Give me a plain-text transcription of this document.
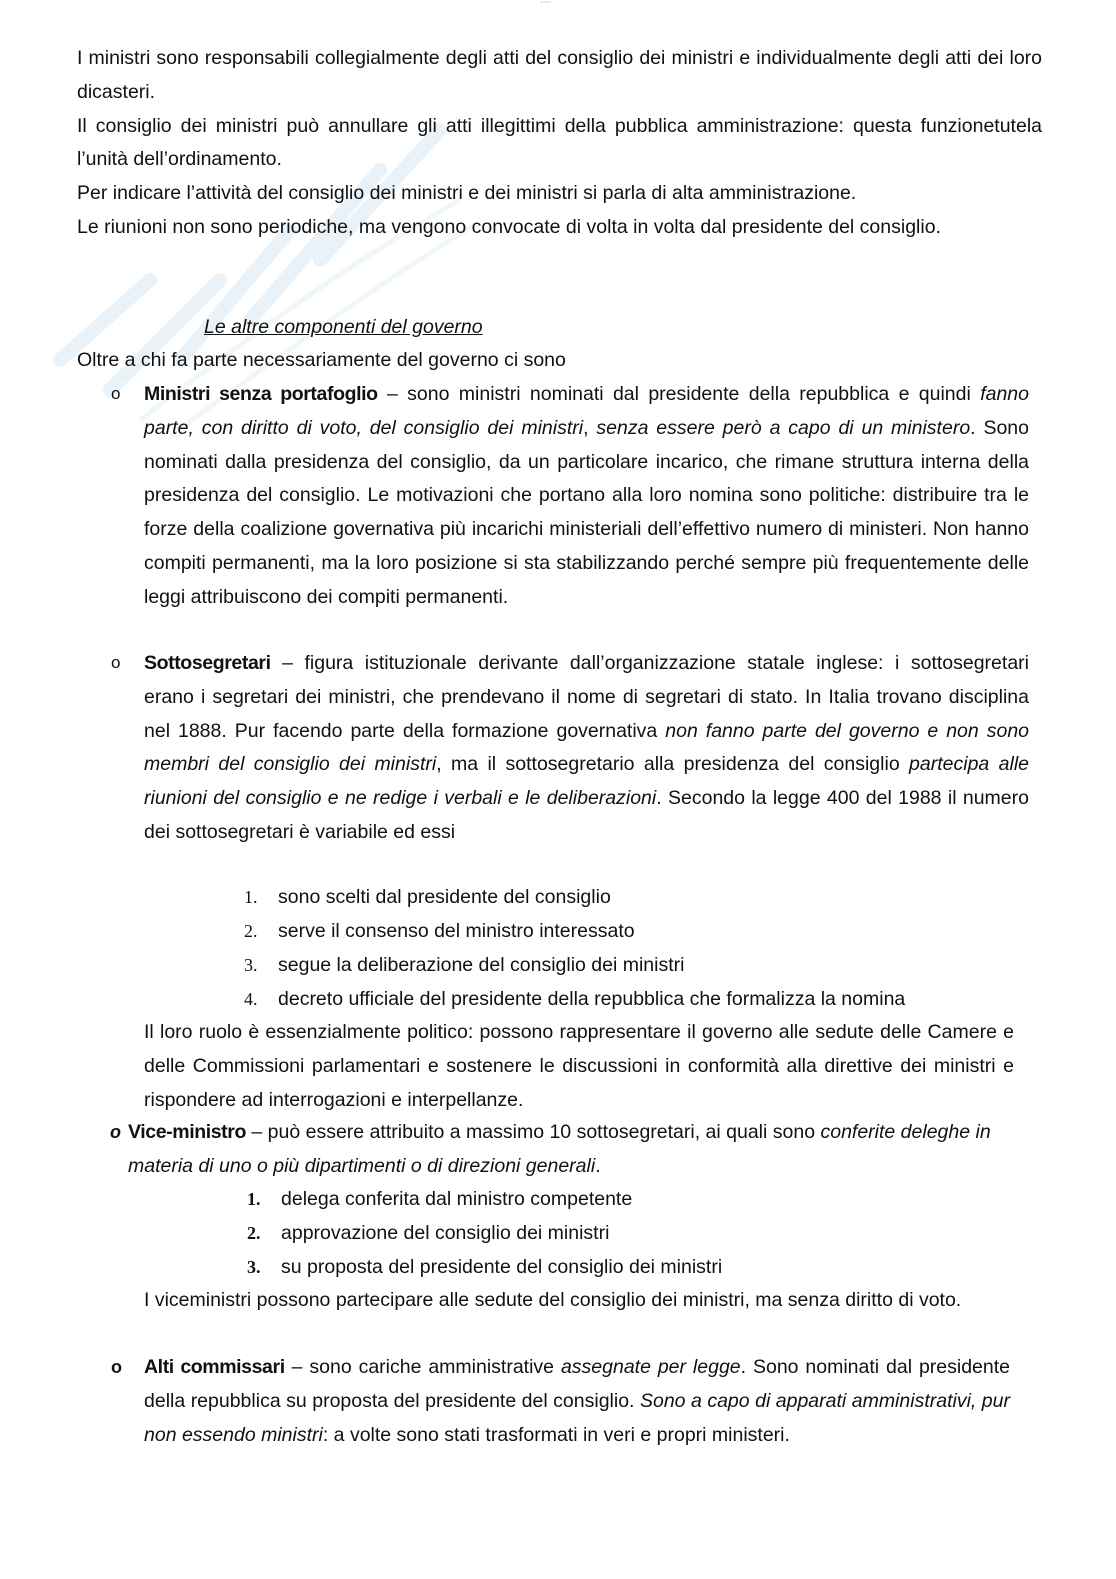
~~~

I ministri sono responsabili collegialmente degli atti del consiglio dei ministri e individualmente degli atti dei loro dicasteri.

Il consiglio dei ministri può annullare gli atti illegittimi della pubblica amministrazione: questa funzionetutela l’unità dell’ordinamento.

Per indicare l’attività del consiglio dei ministri e dei ministri si parla di alta amministrazione.

Le riunioni non sono periodiche, ma vengono convocate di volta in volta dal presidente del consiglio.

Le altre componenti del governo
Oltre a chi fa parte necessariamente del governo ci sono
o Ministri senza portafoglio – sono ministri nominati dal presidente della repubblica e quindi fanno parte, con diritto di voto, del consiglio dei ministri, senza essere però a capo di un ministero. Sono nominati dalla presidenza del consiglio, da un particolare incarico, che rimane struttura interna della presidenza del consiglio. Le motivazioni che portano alla loro nomina sono politiche: distribuire tra le forze della coalizione governativa più incarichi ministeriali dell’effettivo numero di ministeri. Non hanno compiti permanenti, ma la loro posizione si sta stabilizzando perché sempre più frequentemente delle leggi attribuiscono dei compiti permanenti.
o Sottosegretari – figura istituzionale derivante dall’organizzazione statale inglese: i sottosegretari erano i segretari dei ministri, che prendevano il nome di segretari di stato. In Italia trovano disciplina nel 1888. Pur facendo parte della formazione governativa non fanno parte del governo e non sono membri del consiglio dei ministri, ma il sottosegretario alla presidenza del consiglio partecipa alle riunioni del consiglio e ne redige i verbali e le deliberazioni. Secondo la legge 400 del 1988 il numero dei sottosegretari è variabile ed essi
1. sono scelti dal presidente del consiglio
2. serve il consenso del ministro interessato
3. segue la deliberazione del consiglio dei ministri
4. decreto ufficiale del presidente della repubblica che formalizza la nomina
Il loro ruolo è essenzialmente politico: possono rappresentare il governo alle sedute delle Camere e delle Commissioni parlamentari e sostenere le discussioni in conformità alla direttive dei ministri e rispondere ad interrogazioni e interpellanze.
o Vice-ministro – può essere attribuito a massimo 10 sottosegretari, ai quali sono conferite deleghe in materia di uno o più dipartimenti o di direzioni generali.
1. delega conferita dal ministro competente
2. approvazione del consiglio dei ministri
3. su proposta del presidente del consiglio dei ministri
I viceministri possono partecipare alle sedute del consiglio dei ministri, ma senza diritto di voto.
o Alti commissari – sono cariche amministrative assegnate per legge. Sono nominati dal presidente della repubblica su proposta del presidente del consiglio. Sono a capo di apparati amministrativi, pur non essendo ministri: a volte sono stati trasformati in veri e propri ministeri.
